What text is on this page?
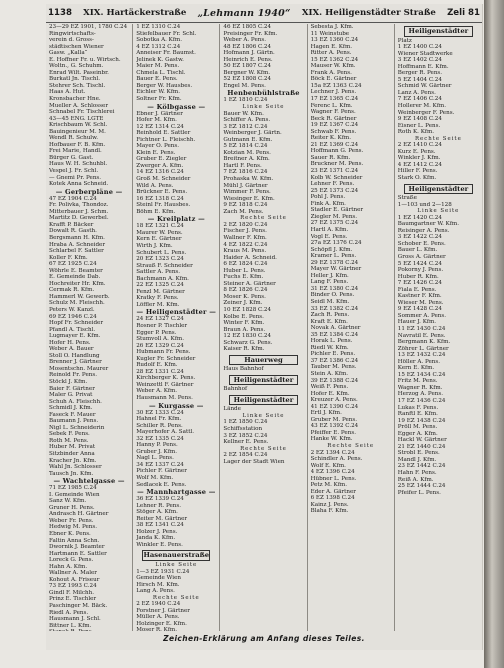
1138 XIX. Hartäckerstraße „Lehmann 1940“ XIX. Heiligenstädter Straße Zeli 81
23—29 EZ 1901, 1780 C.24
Ringwirtschafts-
verein d. Gross-
städtischen Wiener
Gasw. „Kalla“
E. Hoffner Fr. u. Wirtsch.
Woltn., G. Schuhm.
Enrad Wilt. Paseinbr.
Burkatl Jn. Tischl.
Stehrer Sch. Tischl.
Haas A. Hut.
Kronsbacher Hne.
Mueller A. Schlosser
Schnabel Fr. Tischlerei
43—45 ENG. LGTE
Krischbaum W. Schl.
Bauingenieur M. M.
Wendl R. Schulw.
Hofbauer F. B. Kfm.
Frei Marie, Handl.
Bürger G. Gast.
Haus W. H. Schuhbl.
Vespel J. Fr. Schl.
— Gnemi Pr. Pens.
Kotek Anna Schneid.
— Gerberpläne —
47 EZ 1904 C.24
Fr. Polivka, Thondoz.
Mitterbauer J. Schm.
Martitz D. Gewerbel.
Krafft P. Bäcker
Dowalt R. Gasth.
Bergsmann H. Kfm.
Hraba A. Schneider
Schlarbel F. Sattler
Koller F. Kfm.
67 EZ 1925 C.24
Wöhrle E. Beamter
E. Gemeinde Dab.
Hochreiter Hr. Kfm.
Cermak R. Kfm.
Hammerl W. Gewerb.
Schulz M. Fleischh.
Peters W. Kanzl.
69 EZ 1946 C.24
Hopf Fr. Schneider
Pfandl A. Tischl.
Lugmayer E. Kfm.
Hofer H. Pens.
Weber A. Bauer
Stoll O. Handlung
Brenner J. Gärtner
Mosentschn. Maurer
Reinold Fr. Pens.
Stöckl J. Kfm.
Baier F. Gärtner
Maler G. Privat
Schuh A. Fleischh.
Schmidl J. Kfm.
Faseck F. Mauer
Baumann J. Pens.
Nigl L. Schneiderin
Sebek F. Pens.
Roth M. Pens.
Huber M. Privat
Sitzbinder Anna
Kracher Jn. Kfm.
Wahl Jn. Schlosser
Tausch Jn. Kfm.
— Wachtelgasse —
71 EZ 1985 C.24
I. Gemeinde Wien
Sanz W. Kfm.
Gruner H. Pens.
Andrasch H. Gärtner
Weber Fr. Pens.
Hedwig M. Pens.
Ebner K. Pens.
Faltin Anna Schn.
Dwornik J. Beamter
Hartmann E. Sattler
Loreck G. Pens.
Hahn A. Kfm.
Wallner A. Maler
Kohout A. Friseur
73 EZ 1993 C.24
Gindl F. Milchh.
Prinz E. Tischler
Paschinger M. Bäck.
Riedl A. Pens.
Hausmann J. Schl.
Bittner L. Kfm.
1 EZ 1310 C.24
Stiefelbauer Fr. Schl.
Sobotka A. Kfm.
4 EZ 1312 C.24
Anneiser Fr. Baumst.
Jelinek K. Gastw.
Maier M. Pens.
Chmela L. Tischl.
Bauer E. Pens.
Berger W. Hausbes.
Eichler W. Kfm.
Soltner Fr. Kfm.
— Kölbgasse —
Ebner J. Gärtner
Hofer M. Kfm.
12 EZ 1314 C.24
Reinhold E. Sattler
Fichtner L. Fleischh.
Mayer O. Pens.
Klein E. Pens.
Gruber E. Ziegler
Zwerger A. Kfm.
14 EZ 1316 C.24
Groß M. Schneider
Wild A. Pens.
Brückner E. Pens.
16 EZ 1318 C.24
Steinl Fr. Hausbes.
Böhm E. Kfm.
— Kreilplatz —
18 EZ 1321 C.24
Maurer W. Pens.
Kern E. Gärtner
Wirth J. Kfm.
Schubert L. Pens.
20 EZ 1323 C.24
Strauß F. Schneider
Sattler A. Pens.
Bachmann A. Kfm.
22 EZ 1325 C.24
Fenzl M. Gärtner
Kratky F. Pens.
Löffler M. Kfm.
— Heiligenstädter —
24 EZ 1327 C.24
Rosner P. Tischler
Egger P. Pens.
Stumvoll A. Kfm.
26 EZ 1329 C.24
Hubmann Fr. Pens.
Kugler Fr. Schneider
Rudolf E. Kfm.
28 EZ 1331 C.24
Kirchberger K. Pens.
Weinzettl F. Gärtner
Weber A. Kfm.
Hausmann M. Pens.
— Kurgasse —
30 EZ 1333 C.24
Hahnel Fr. Kfm.
Schiller R. Pens.
Mayerhofer A. Sattl.
32 EZ 1335 C.24
Hanny P. Pens.
Gruber J. Kfm.
Nagl L. Pens.
34 EZ 1337 C.24
Pichler F. Gärtner
Wolf M. Kfm.
Sedlacek E. Pens.
— Mannhartgasse —
36 EZ 1339 C.24
Lehner R. Pens.
Stöger A. Kfm.
Reiter M. Gärtner
38 EZ 1341 C.24
Holzer J. Pens.
Janda K. Kfm.
Winkler E. Pens.
Hasenauerstraße
Linke Seite
1—3 EZ 1931 C.24
Gemeinde Wien
Hirsch M. Kfm.
Lang A. Pens.
Rechte Seite
2 EZ 1940 C.24
Forstner J. Gärtner
Müller A. Pens.
Holzinger E. Kfm.
Moser R. Kfm.
46 EZ 1805 C.24
Preisinger Fr. Kfm.
Weber A. Pens.
48 EZ 1806 C.24
Hofmann J. Gärtn.
Heinrich E. Pens.
50 EZ 1807 C.24
Bergner W. Kfm.
52 EZ 1808 C.24
Engel M. Pens.
Henbenbühlstraße
1 EZ 1810 C.24
Linke Seite
Bauer W. Kfm.
Schiffer A. Pens.
3 EZ 1812 C.24
Weinberger J. Gärtn.
Gutmann E. Kfm.
5 EZ 1814 C.24
Kotzian M. Pens.
Breitner A. Kfm.
Hartl F. Pens.
7 EZ 1816 C.24
Prohaska W. Kfm.
Mühl J. Gärtner
Wimmer F. Pens.
Wiesinger E. Kfm.
9 EZ 1818 C.24
Zach M. Pens.
Rechte Seite
2 EZ 1820 C.24
Fischer J. Pens.
Wallner F. Kfm.
4 EZ 1822 C.24
Kraus M. Pens.
Haider A. Schneid.
6 EZ 1824 C.24
Huber L. Pens.
Fuchs E. Kfm.
Steiner A. Gärtner
8 EZ 1826 C.24
Moser K. Pens.
Zeiner J. Kfm.
10 EZ 1828 C.24
Kolbe E. Pens.
Winter F. Kfm.
Braun A. Pens.
12 EZ 1830 C.24
Schwarz G. Pens.
Kaiser R. Kfm.
Hauerweg
Haus Bahnhof
Heiligenstädter
Bahnhof
Heiligenstädter
Lände
Linke Seite
1 EZ 1850 C.24
Schiffsstation
3 EZ 1852 C.24
Kellner E. Pens.
Rechte Seite
2 EZ 1854 C.24
Lager der Stadt Wien
Sebesta J. Kfm.
11 Weinstube
13 EZ 1360 C.24
Hagen E. Kfm.
Ritter A. Pens.
15 EZ 1362 C.24
Mauser W. Kfm.
Frank A. Pens.
Böck E. Gärtner
15a EZ 1363 C.24
Lechner J. Pens.
17 EZ 1365 C.24
Ferenc L. Kfm.
Wagner F. Pens.
Beck R. Gärtner
19 EZ 1367 C.24
Schwab F. Pens.
Reiter K. Kfm.
21 EZ 1369 C.24
Hoffmann G. Pens.
Sauer R. Kfm.
Bruckner M. Pens.
23 EZ 1371 C.24
Kolb W. Schneider
Lehner F. Pens.
25 EZ 1373 C.24
Pohl J. Pens.
Fink A. Kfm.
Stadler E. Gärtner
Ziegler M. Pens.
27 EZ 1375 C.24
Hartl A. Kfm.
Vogl E. Pens.
27a EZ 1376 C.24
Schöpfl J. Kfm.
Kramer L. Pens.
29 EZ 1378 C.24
Mayer W. Gärtner
Heller J. Kfm.
Lang F. Pens.
31 EZ 1380 C.24
Binder O. Pens.
Seidl M. Kfm.
33 EZ 1382 C.24
Zach R. Pens.
Kraft E. Kfm.
Novak A. Gärtner
35 EZ 1384 C.24
Horak L. Pens.
Riedl W. Kfm.
Pichler E. Pens.
37 EZ 1386 C.24
Tauber M. Pens.
Stein A. Kfm.
39 EZ 1388 C.24
Weiß F. Pens.
Hofer E. Kfm.
Kreuzer A. Pens.
41 EZ 1390 C.24
Ertl J. Kfm.
Gruber M. Pens.
43 EZ 1392 C.24
Pfeiffer E. Pens.
Hanke W. Kfm.
Rechte Seite
2 EZ 1394 C.24
Schindler A. Pens.
Wolf E. Kfm.
4 EZ 1396 C.24
Hübner L. Pens.
Petz M. Kfm.
Eder A. Gärtner
6 EZ 1398 C.24
Kainz J. Pens.
Blaha F. Kfm.
Heiligenstädter
Platz
1 EZ 1400 C.24
Wiener Stadtwerke
3 EZ 1402 C.24
Hoffmann E. Kfm.
Berger R. Pens.
5 EZ 1404 C.24
Schmid W. Gärtner
Lanz A. Pens.
7 EZ 1406 C.24
Hollerer M. Kfm.
Weinberger F. Pens.
9 EZ 1408 C.24
Eisner L. Pens.
Roth K. Kfm.
Rechte Seite
2 EZ 1410 C.24
Kurz E. Pens.
Winkler J. Kfm.
4 EZ 1412 C.24
Hiller F. Pens.
Stark O. Kfm.
Heiligenstädter
Straße
1—103 und 2—128
Linke Seite
1 EZ 1420 C.24
Baumgartner W. Kfm.
Reisinger A. Pens.
3 EZ 1422 C.24
Schober E. Pens.
Bauer L. Kfm.
Gross A. Gärtner
5 EZ 1424 C.24
Pokorny J. Pens.
Huber R. Kfm.
7 EZ 1426 C.24
Fiala E. Pens.
Kastner F. Kfm.
Wieser M. Pens.
9 EZ 1428 C.24
Sommer A. Pens.
Hauer J. Kfm.
11 EZ 1430 C.24
Navratil E. Pens.
Bergmann K. Kfm.
Zöhrer L. Gärtner
13 EZ 1432 C.24
Höller A. Pens.
Kern E. Kfm.
15 EZ 1434 C.24
Fritz M. Pens.
Wagner R. Kfm.
Herzog A. Pens.
17 EZ 1436 C.24
Lukas F. Pens.
Ranftl E. Kfm.
19 EZ 1438 C.24
Pröll M. Pens.
Egger A. Kfm.
Hackl W. Gärtner
21 EZ 1440 C.24
Strobl E. Pens.
Mandl J. Kfm.
23 EZ 1442 C.24
Hahn F. Pens.
Reiß A. Kfm.
25 EZ 1444 C.24
Pfeifer L. Pens.
Zeichen-Erklärung am Anfang dieses Teiles.
